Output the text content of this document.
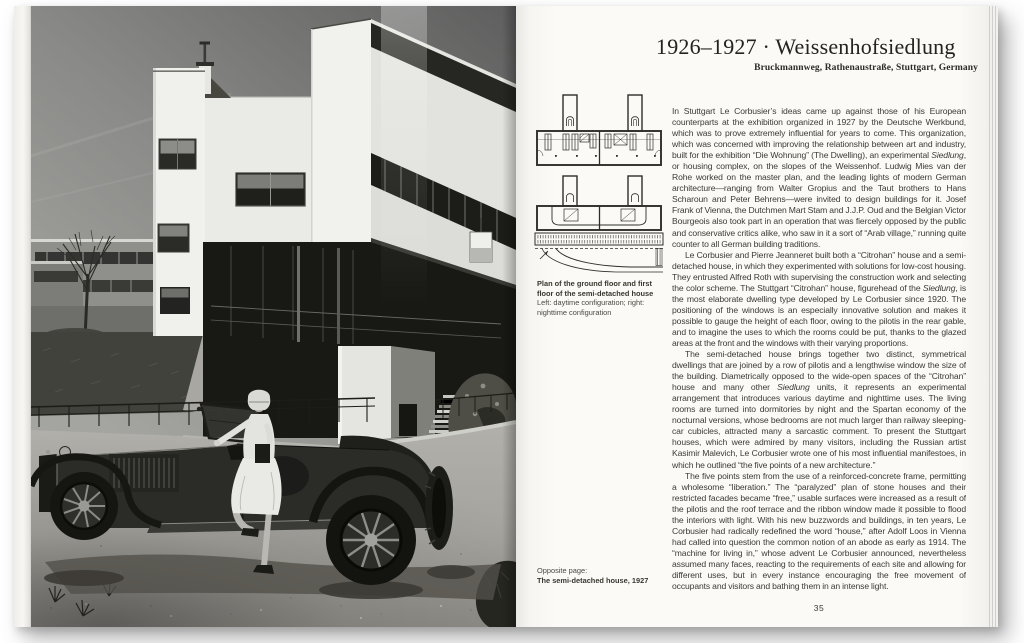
1926–1927 · Weissenhofsiedlung
Bruckmannweg, Rathenaustraße, Stuttgart, Germany
Plan of the ground floor and first floor of the semi-detached house
Left: daytime configuration; right: nighttime configuration
In Stuttgart Le Corbusier’s ideas came up against those of his European counterparts at the exhibition organized in 1927 by the Deutsche Werkbund, which was to prove extremely influential for years to come. This organization, which was concerned with improving the relationship between art and industry, built for the exhibition “Die Wohnung” (The Dwelling), an experimental Siedlung, or housing complex, on the slopes of the Weissenhof. Ludwig Mies van der Rohe worked on the master plan, and the leading lights of modern German architecture—ranging from Walter Gropius and the Taut brothers to Hans Scharoun and Peter Behrens—were invited to design buildings for it. Josef Frank of Vienna, the Dutchmen Mart Stam and J.J.P. Oud and the Belgian Victor Bourgeois also took part in an operation that was fiercely opposed by the public and conservative critics alike, who saw in it a sort of “Arab village,” running quite counter to all German building traditions.
Le Corbusier and Pierre Jeanneret built both a “Citrohan” house and a semi-detached house, in which they experimented with solutions for low-cost housing. They entrusted Alfred Roth with supervising the construction work and selecting the color scheme. The Stuttgart “Citrohan” house, figurehead of the Siedlung, is the most elaborate dwelling type developed by Le Corbusier since 1920. The positioning of the windows is an especially innovative solution and makes it possible to gauge the height of each floor, owing to the pilotis in the rear gable, and to imagine the uses to which the rooms could be put, thanks to the glazed areas at the front and the windows with their varying proportions.
The semi-detached house brings together two distinct, symmetrical dwellings that are joined by a row of pilotis and a lengthwise window the size of the building. Diametrically opposed to the wide-open spaces of the “Citrohan” house and many other Siedlung units, it represents an experimental arrangement that introduces various daytime and nighttime uses. The living rooms are turned into dormitories by night and the Spartan economy of the nocturnal versions, whose bedrooms are not much larger than railway sleeping-car cubicles, attracted many a sarcastic comment. To present the Stuttgart houses, which were admired by many visitors, including the Russian artist Kasimir Malevich, Le Corbusier wrote one of his most influential manifestoes, in which he outlined “the five points of a new architecture.”
The five points stem from the use of a reinforced-concrete frame, permitting a wholesome “liberation.” The “paralyzed” plan of stone houses and their restricted facades became “free,” usable surfaces were increased as a result of the pilotis and the roof terrace and the ribbon window made it possible to flood the interiors with light. With his new buzzwords and buildings, in ten years, Le Corbusier had radically redefined the word “house,” after Adolf Loos in Vienna had called into question the common notion of an abode as early as 1914. The “machine for living in,” whose advent Le Corbusier announced, nevertheless assumed many faces, reacting to the requirements of each site and allowing for different uses, but in every instance encouraging the free movement of occupants and visitors and bathing them in an intense light.
Opposite page:
The semi-detached house, 1927
35
